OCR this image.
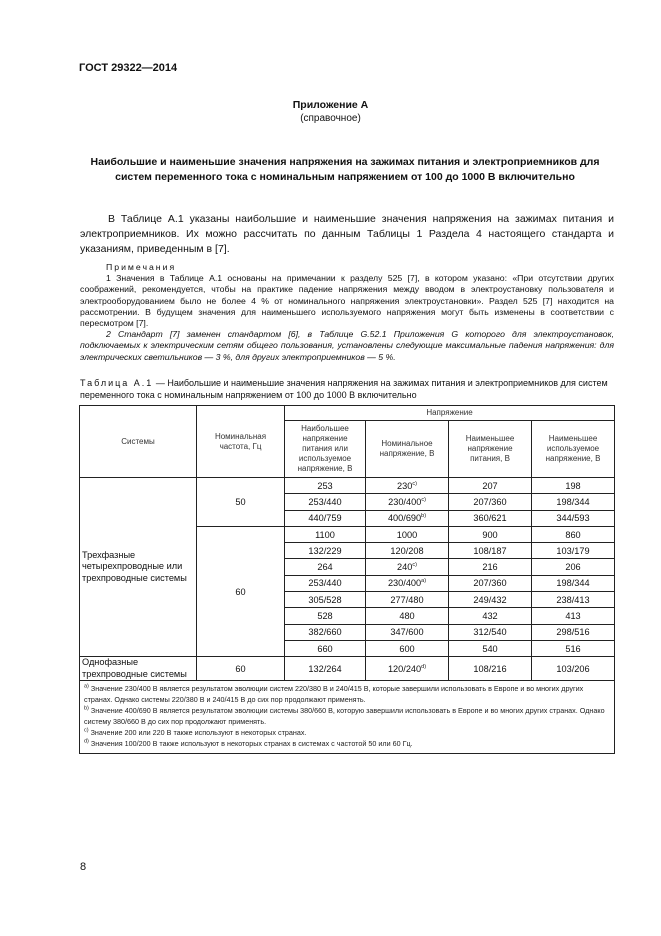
ГОСТ 29322—2014
Приложение А
(справочное)
Наибольшие и наименьшие значения напряжения на зажимах питания и электроприемников для систем переменного тока с номинальным напряжением от 100 до 1000 В включительно
В Таблице А.1 указаны наибольшие и наименьшие значения напряжения на зажимах питания и электроприемников. Их можно рассчитать по данным Таблицы 1 Раздела 4 настоящего стандарта и указаниям, приведенным в [7].
Примечания

1 Значения в Таблице А.1 основаны на примечании к разделу 525 [7], в котором указано: «При отсутствии других соображений, рекомендуется, чтобы на практике падение напряжения между вводом в электроустановку пользователя и электрооборудованием было не более 4 % от номинального напряжения электроустановки». Раздел 525 [7] находится на рассмотрении. В будущем значения для наименьшего используемого напряжения могут быть изменены в соответствии с пересмотром [7].

2 Стандарт [7] заменен стандартом [6], в Таблице G.52.1 Приложения G которого для электроустановок, подключаемых к электрическим сетям общего пользования, установлены следующие максимальные падения напряжения: для электрических светильников — 3 %, для других электроприемников — 5 %.

Таблица А.1 — Наибольшие и наименьшие значения напряжения на зажимах питания и электроприемников для систем переменного тока с номинальным напряжением от 100 до 1000 В включительно
Системы	Номинальная частота, Гц	Напряжение			
		Наибольшее напряжение питания или используемое напряжение, В	Номинальное напряжение, В	Наименьшее напряжение питания, В	Наименьшее используемое напряжение, В
Трехфазные четырехпроводные или трехпроводные системы	50	253	230$^{c)}$	207	198
		253/440	230/400$^{c)}$	207/360	198/344
		440/759	400/690$^{b)}$	360/621	344/593
	60	1100	1000	900	860
		132/229	120/208	108/187	103/179
		264	240$^{c)}$	216	206
		253/440	230/400$^{a)}$	207/360	198/344
		305/528	277/480	249/432	238/413
		528	480	432	413
		382/660	347/600	312/540	298/516
		660	600	540	516
Однофазные трехпроводные системы	60	132/264	120/240$^{d)}$	108/216	103/206

$^{a)}$ Значение 230/400 В является результатом эволюции систем 220/380 В и 240/415 В, которые завершили использовать в Европе и во многих других странах. Однако системы 220/380 В и 240/415 В до сих пор продолжают применять.

$^{b)}$ Значение 400/690 В является результатом эволюции системы 380/660 В, которую завершили использовать в Европе и во многих других странах. Однако систему 380/660 В до сих пор продолжают применять.

$^{c)}$ Значение 200 или 220 В также используют в некоторых странах.

$^{d)}$ Значения 100/200 В также используют в некоторых странах в системах с частотой 50 или 60 Гц.					

8
